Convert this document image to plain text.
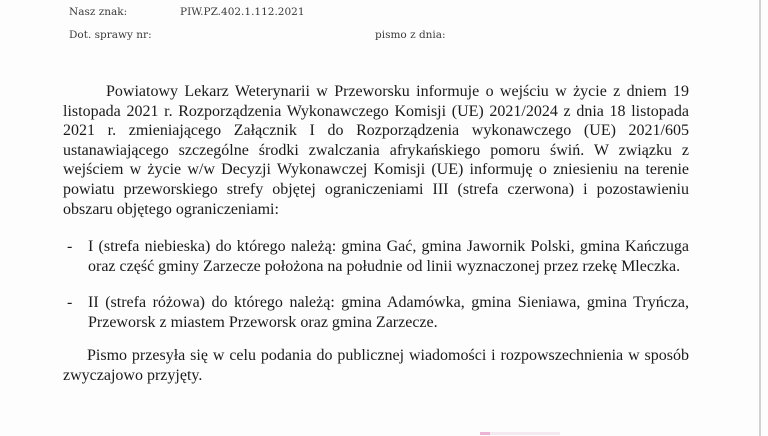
Nasz znak:	PIW.PZ.402.1.112.2021
Dot. sprawy nr:	pismo z dnia:

Powiatowy Lekarz Weterynarii w Przeworsku informuje o wejściu w życie z dniem 19 listopada 2021 r. Rozporządzenia Wykonawczego Komisji (UE) 2021/2024 z dnia 18 listopada 2021 r. zmieniającego Załącznik I do Rozporządzenia wykonawczego (UE) 2021/605 ustanawiającego szczególne środki zwalczania afrykańskiego pomoru świń. W związku z wejściem w życie w/w Decyzji Wykonawczej Komisji (UE) informuję o zniesieniu na terenie powiatu przeworskiego strefy objętej ograniczeniami III (strefa czerwona) i pozostawieniu obszaru objętego ograniczeniami:

- I (strefa niebieska) do którego należą: gmina Gać, gmina Jawornik Polski, gmina Kańczuga oraz część gminy Zarzecze położona na południe od linii wyznaczonej przez rzekę Mleczka.

- II (strefa różowa) do którego należą: gmina Adamówka, gmina Sieniawa, gmina Tryńcza, Przeworsk z miastem Przeworsk oraz gmina Zarzecze.

Pismo przesyła się w celu podania do publicznej wiadomości i rozpowszechnienia w sposób zwyczajowo przyjęty.
